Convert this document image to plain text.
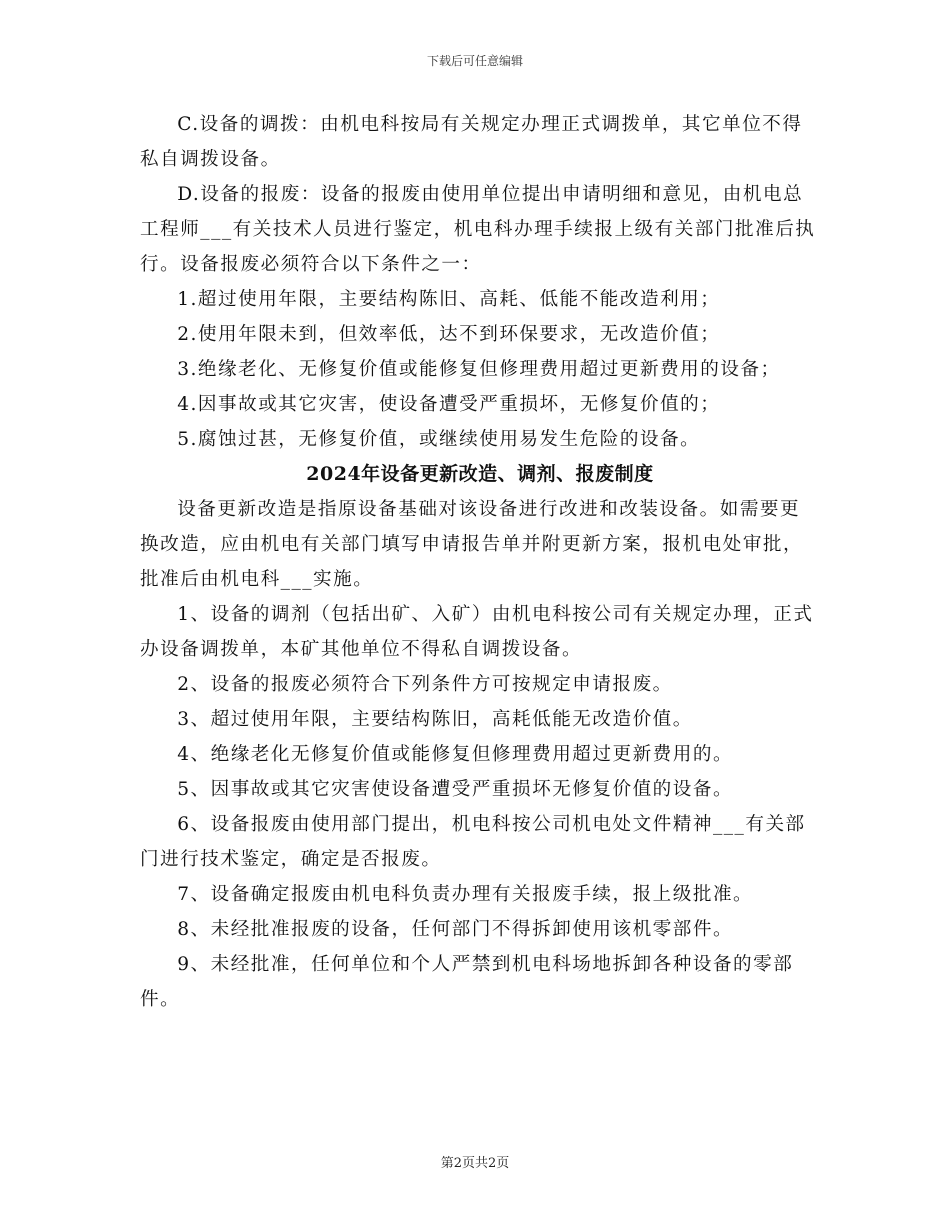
下载后可任意编辑

C.设备的调拨：由机电科按局有关规定办理正式调拨单，其它单位不得私自调拨设备。

D.设备的报废：设备的报废由使用单位提出申请明细和意见，由机电总工程师___有关技术人员进行鉴定，机电科办理手续报上级有关部门批准后执行。设备报废必须符合以下条件之一：

1.超过使用年限，主要结构陈旧、高耗、低能不能改造利用；

2.使用年限未到，但效率低，达不到环保要求，无改造价值；

3.绝缘老化、无修复价值或能修复但修理费用超过更新费用的设备；

4.因事故或其它灾害，使设备遭受严重损坏，无修复价值的；

5.腐蚀过甚，无修复价值，或继续使用易发生危险的设备。

2024年设备更新改造、调剂、报废制度

设备更新改造是指原设备基础对该设备进行改进和改装设备。如需要更换改造，应由机电有关部门填写申请报告单并附更新方案，报机电处审批，批准后由机电科___实施。

1、设备的调剂（包括出矿、入矿）由机电科按公司有关规定办理，正式办设备调拨单，本矿其他单位不得私自调拨设备。

2、设备的报废必须符合下列条件方可按规定申请报废。

3、超过使用年限，主要结构陈旧，高耗低能无改造价值。

4、绝缘老化无修复价值或能修复但修理费用超过更新费用的。

5、因事故或其它灾害使设备遭受严重损坏无修复价值的设备。

6、设备报废由使用部门提出，机电科按公司机电处文件精神___有关部门进行技术鉴定，确定是否报废。

7、设备确定报废由机电科负责办理有关报废手续，报上级批准。

8、未经批准报废的设备，任何部门不得拆卸使用该机零部件。

9、未经批准，任何单位和个人严禁到机电科场地拆卸各种设备的零部件。

第2页共2页
